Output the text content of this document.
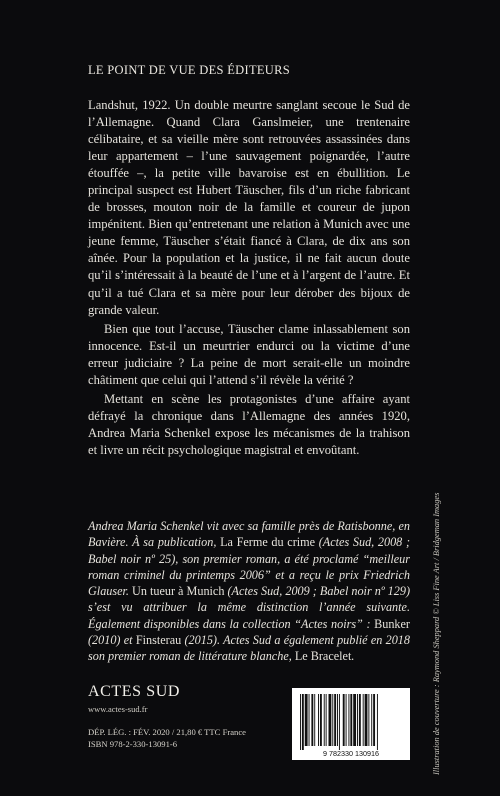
LE POINT DE VUE DES ÉDITEURS

Landshut, 1922. Un double meurtre sanglant secoue le Sud de l’Allemagne. Quand Clara Ganslmeier, une trentenaire célibataire, et sa vieille mère sont retrouvées assassinées dans leur appartement – l’une sauvagement poignardée, l’autre étouffée –, la petite ville bavaroise est en ébullition. Le principal suspect est Hubert Täuscher, fils d’un riche fabricant de brosses, mouton noir de la famille et coureur de jupon impénitent. Bien qu’entretenant une relation à Munich avec une jeune femme, Täuscher s’était fiancé à Clara, de dix ans son aînée. Pour la population et la justice, il ne fait aucun doute qu’il s’intéressait à la beauté de l’une et à l’argent de l’autre. Et qu’il a tué Clara et sa mère pour leur dérober des bijoux de grande valeur.

Bien que tout l’accuse, Täuscher clame inlassablement son innocence. Est-il un meurtrier endurci ou la victime d’une erreur judiciaire ? La peine de mort serait-elle un moindre châtiment que celui qui l’attend s’il révèle la vérité ?

Mettant en scène les protagonistes d’une affaire ayant défrayé la chronique dans l’Allemagne des années 1920, Andrea Maria Schenkel expose les mécanismes de la trahison et livre un récit psychologique magistral et envoûtant.

Andrea Maria Schenkel vit avec sa famille près de Ratisbonne, en Bavière. À sa publication, La Ferme du crime (Actes Sud, 2008 ; Babel noir nº 25), son premier roman, a été proclamé “meilleur roman criminel du printemps 2006” et a reçu le prix Friedrich Glauser. Un tueur à Munich (Actes Sud, 2009 ; Babel noir nº 129) s’est vu attribuer la même distinction l’année suivante. Également disponibles dans la collection “Actes noirs” : Bunker (2010) et Finsterau (2015). Actes Sud a également publié en 2018 son premier roman de littérature blanche, Le Bracelet.
ACTES SUD
www.actes-sud.fr
DÉP. LÉG. : FÉV. 2020 / 21,80 € TTC France
ISBN 978-2-330-13091-6
9 782330 130916	Illustration de couverture : Raymond Sheppard © Liss Fine Art / Bridgeman Images
